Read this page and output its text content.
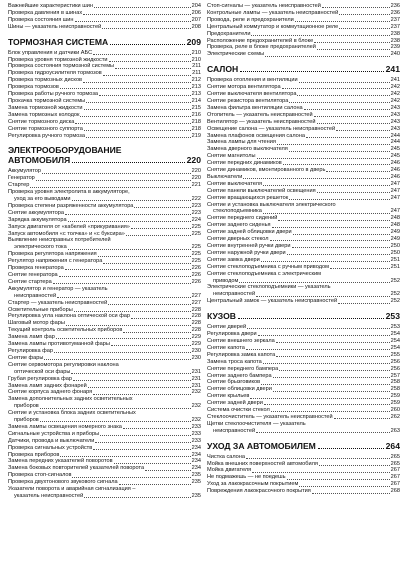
Важнейшие характеристики шин	204
Проверка давления в шинах	206
Проверка состояния шин	207
Шины — указатель неисправностей	208
ТОРМОЗНАЯ СИСТЕМА	209
Блок управления и датчики АБС	210
Проверка уровня тормозной жидкости	210
Проверка состояния тормозной системы	211
Проверка гидроусилителя тормозов	211
Проверка тормозных дисков	212
Проверка тормозов	213
Проверка работы ручного тормоза	213
Прокачка тормозной системы	214
Замена тормозной жидкости	215
Замена тормозных колодок	216
Снятие тормозного диска	218
Снятие тормозного суппорта	218
Регулировка ручного тормоза	219
ЭЛЕКТРООБОРУДОВАНИЕ
АВТОМОБИЛЯ	220
Аккумулятор	220
Генератор	220
Стартер	221
Проверка уровня электролита в аккумуляторе,
уход за его выводами	222
Проверка степени разряженности аккумулятора	223
Снятие аккумулятора	223
Зарядка аккумулятора	224
Запуск двигателя от «кабелей «прикуривания»	225
Запуск автомобиля «с толчка» и «с буксира»	225
Выявление неисправных потребителей
электрического тока	225
Проверка регулятора напряжения	225
Регулятор напряжения с генератора	225
Проверка генератора	226
Снятие генератора	226
Снятие стартера	226
Аккумулятор и генератор — указатель
неисправностей	227
Стартер — указатель неисправностей	227
Осветительные приборы	228
Регулировка угла наклона оптической оси фар	228
Шаговый мотор фары	228
Текущий контроль осветительных приборов	228
Замена ламп фар	229
Замена лампы противотуманной фары	229
Регулировка фар	230
Снятие фары	230
Снятие сервомотора регулировки наклона
оптической оси фары	231
Грубая регулировка фар	231
Замена ламп задних фонарей	231
Снятие корпуса заднего фонаря	232
Замена дополнительных задних осветительных
приборов	232
Снятие и установка блока задних осветительных
приборов	232
Замена лампы освещения номерного знака	233
Сигнальные устройства и приборы	233
Датчики, провода и выключатели	233
Проверка сигнальных устройств	234
Проверка приборов	234
Замена передних указателей поворотов	234
Замена боковых повторителей указателей поворота	234
Проверка стоп-сигналов	235
Проверка двухтонового звукового сигнала	235
Указатели поворота и аварийная сигнализация –
указатель неисправностей	235
Стоп-сигналы — указатель неисправностей	236
Контрольные лампы — указатель неисправностей	236
Провода, реле и предохранители	237
Центральный коммутатор и коммутационное реле	237
Предохранители	238
Расположение предохранителей в блоке	238
Проверка, реле в блоке предохранителей	239
Электрические схемы	240
САЛОН	241
Проверка отопления и вентиляции	241
Снятие мотора вентилятора	242
Снятие выключателя вентилятора	242
Снятие резистора вентилятора	242
Замена фильтра вентиляции салона	243
Отопитель — указатель неисправностей	243
Вентилятор — указатель неисправностей	243
Освещение салона — указатель неисправностей	243
Замена плафонов освещения салона	244
Замена лампы для чтения	244
Замена дверного выключателя	245
Снятие магнитолы	245
Снятие передних динамиков	246
Снятие динамиков, вмонтированного в дверь	246
Выключатели	246
Снятие выключателя	247
Снятие панели выключателей освещения	247
Снятие вращающихся решеток	247
Снятие и установка выключателя электрического
стеклоподъемника	247
Снятие переднего сидений	248
Снятие заднего сиденья	248
Снятие задней облицовки двери	249
Снятие дверных стекол	249
Снятие внутренней ручки двери	250
Снятие наружной ручки двери	250
Снятие замка двери	251
Снятие стеклоподъемника с ручным приводом	251
Снятие стеклоподъемника с электрическим
приводом	252
Электрические стеклоподъемники — указатель
неисправностей	252
Центральный замок — указатель неисправностей	252
КУЗОВ	253
Снятие дверей	253
Регулировка двери	254
Снятие внешнего зеркала	254
Снятие капота	254
Регулировка замка капота	255
Замена троса капота	256
Снятие переднего бампера	256
Снятие заднего бампера	257
Снятие брызговиков	258
Снятие облицовки двери	258
Снятие крыльев	259
Снятие задней двери	259
Система очистки стекол	260
Стеклоочиститель — указатель неисправностей	262
Щетки стеклоочистителя — указатель
неисправностей	263
УХОД ЗА АВТОМОБИЛЕМ	264
Чистка салона	265
Мойка внешних поверхностей автомобиля	265
Мойка двигателя	267
Не подмажешь — не поедешь	267
Уход за лакокрасочным покрытием	267
Повреждения лакокрасочного покрытия	268
